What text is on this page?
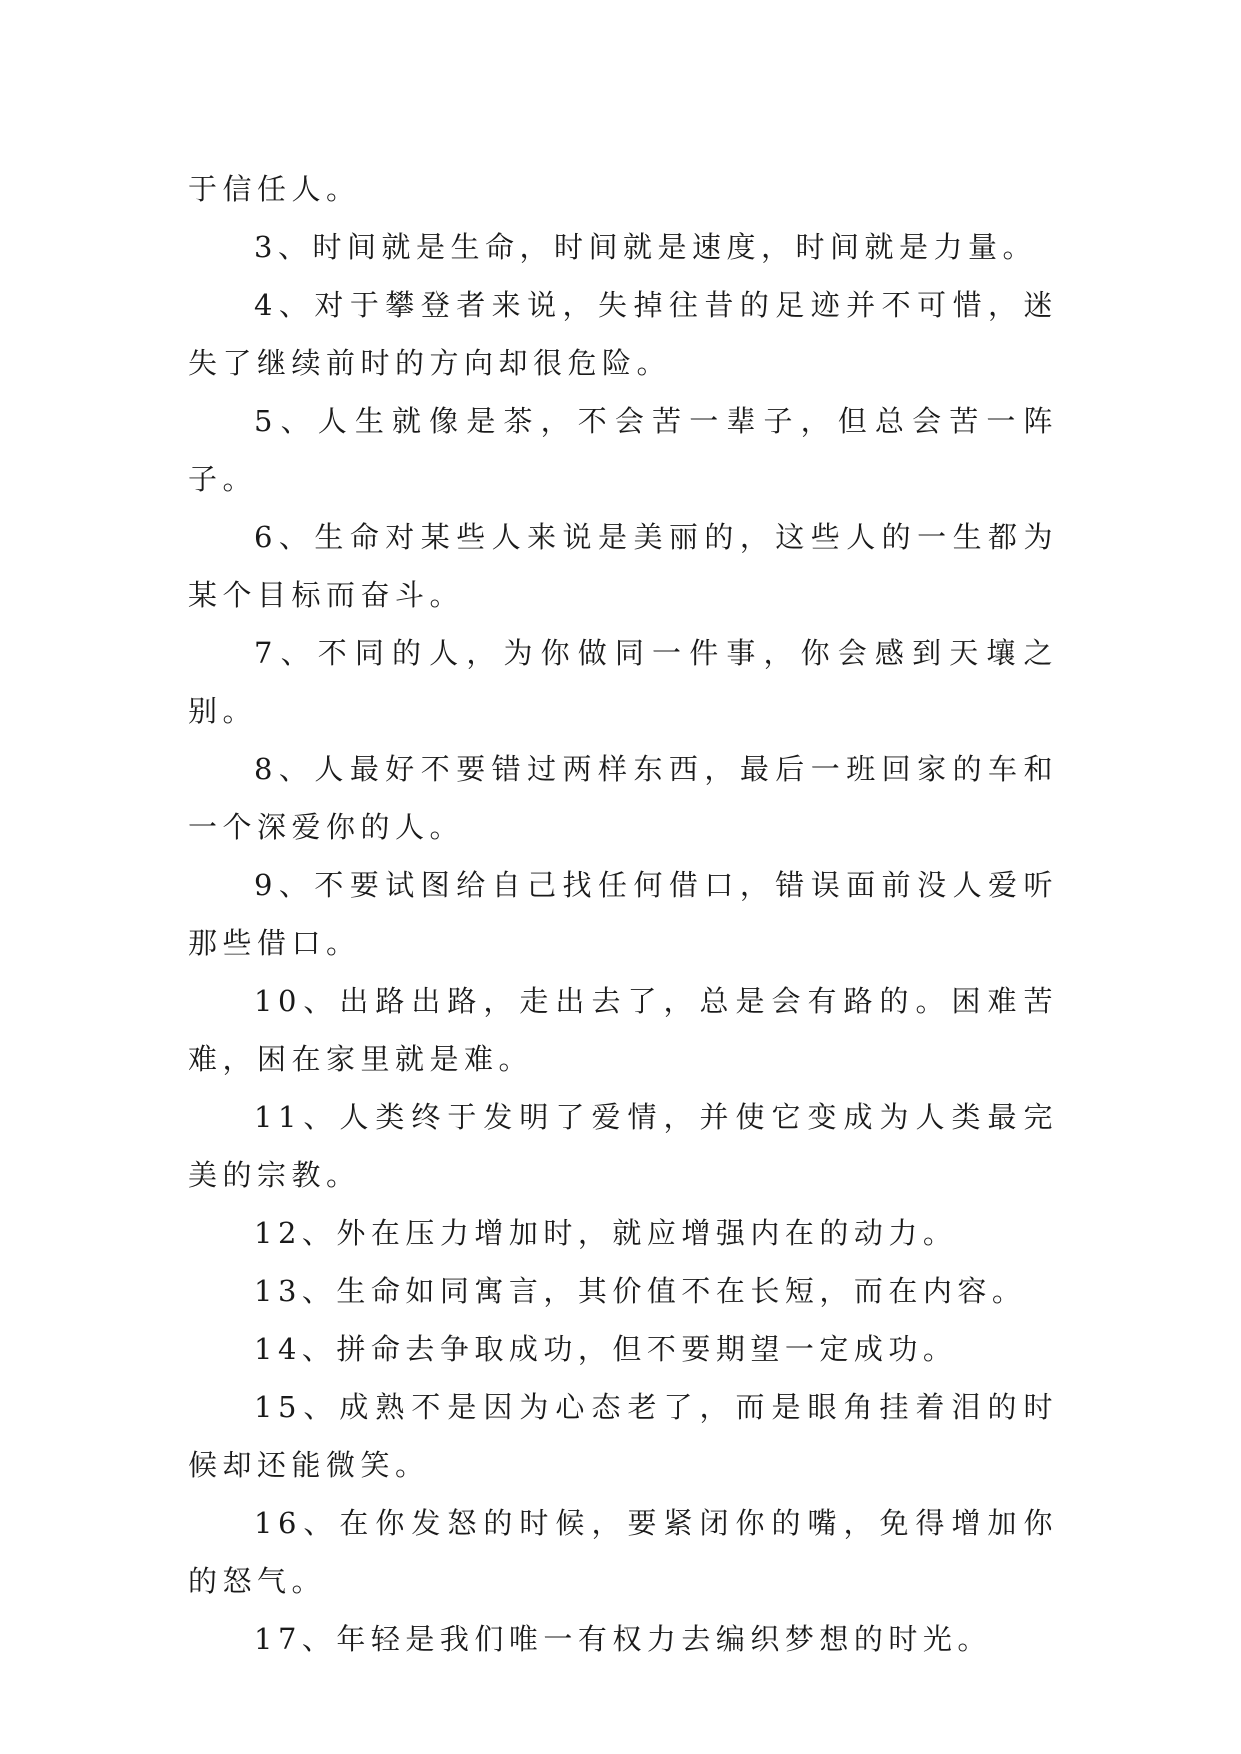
于信任人。

3、时间就是生命，时间就是速度，时间就是力量。

4、对于攀登者来说，失掉往昔的足迹并不可惜，迷失了继续前时的方向却很危险。

5、人生就像是茶，不会苦一辈子，但总会苦一阵子。

6、生命对某些人来说是美丽的，这些人的一生都为某个目标而奋斗。

7、不同的人，为你做同一件事，你会感到天壤之别。

8、人最好不要错过两样东西，最后一班回家的车和一个深爱你的人。

9、不要试图给自己找任何借口，错误面前没人爱听那些借口。

10、出路出路，走出去了，总是会有路的。困难苦难，困在家里就是难。

11、人类终于发明了爱情，并使它变成为人类最完美的宗教。

12、外在压力增加时，就应增强内在的动力。

13、生命如同寓言，其价值不在长短，而在内容。

14、拼命去争取成功，但不要期望一定成功。

15、成熟不是因为心态老了，而是眼角挂着泪的时候却还能微笑。

16、在你发怒的时候，要紧闭你的嘴，免得增加你的怒气。

17、年轻是我们唯一有权力去编织梦想的时光。
